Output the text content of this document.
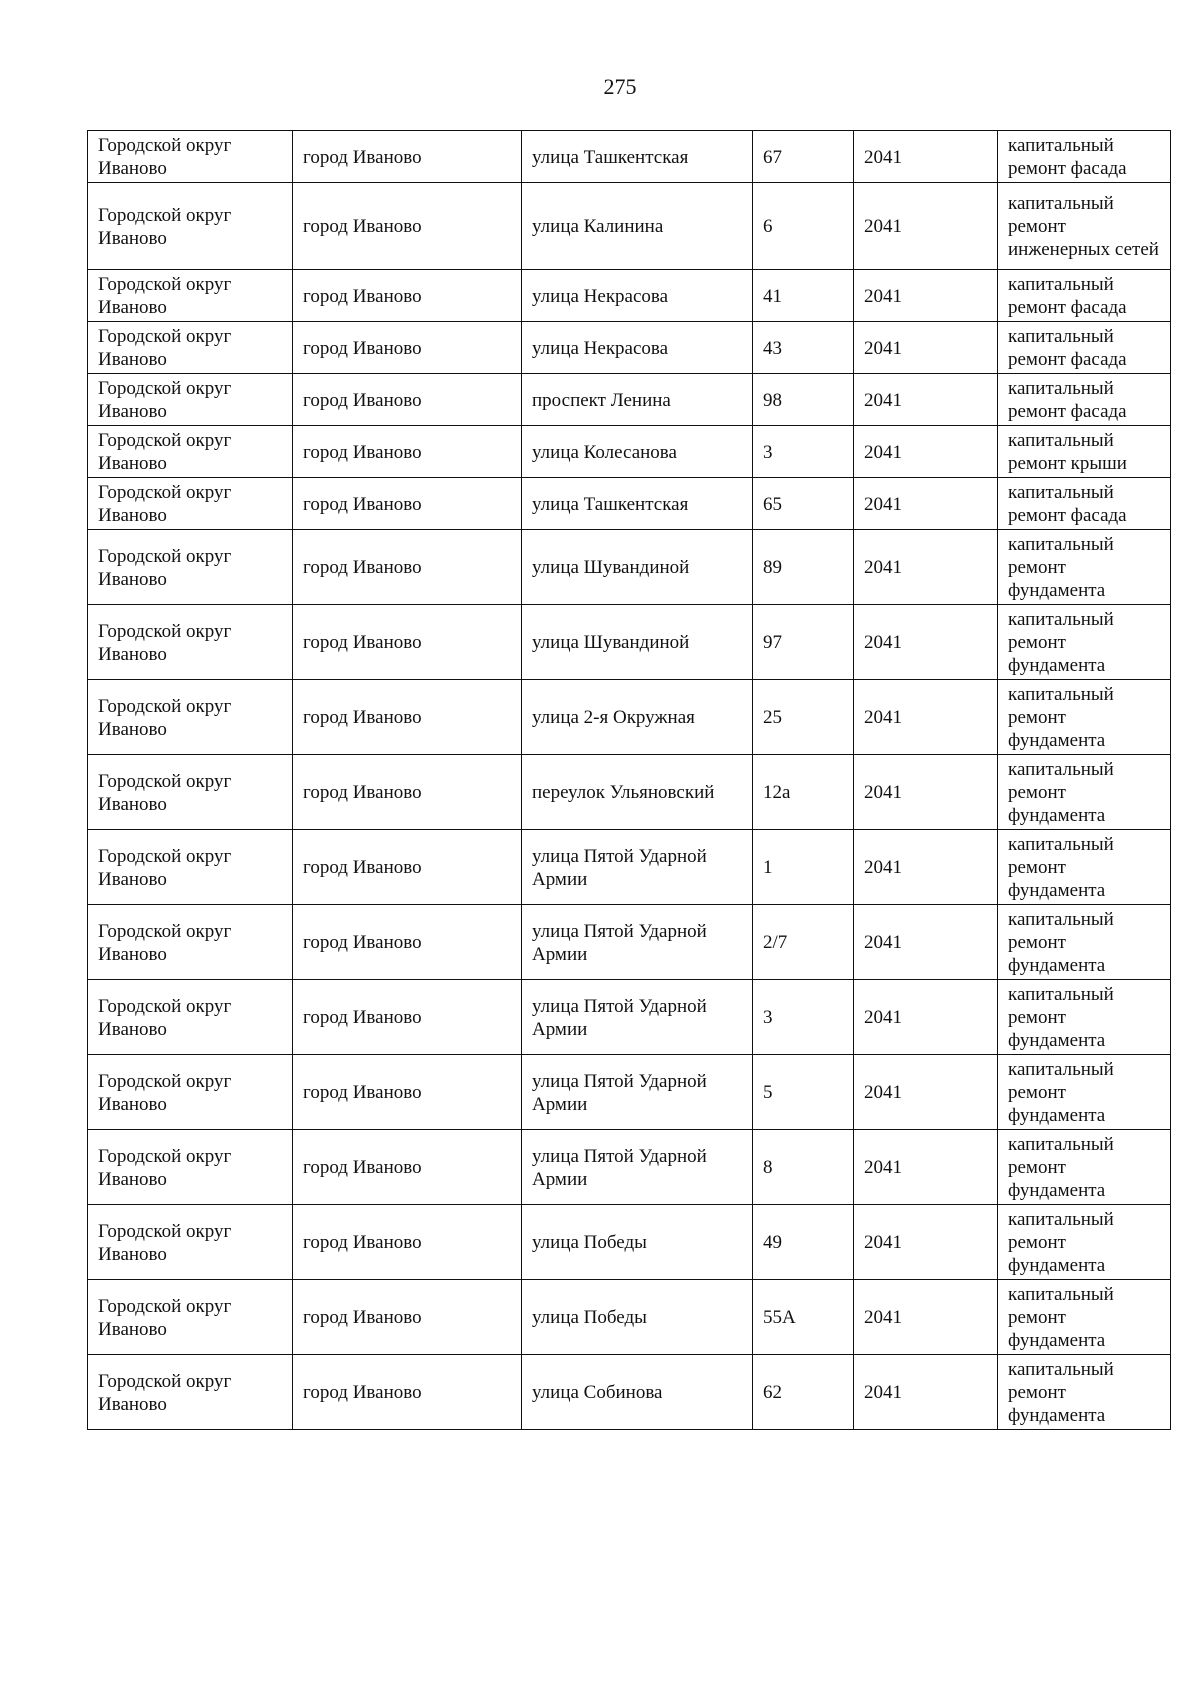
275
Городской округ Иваново	город Иваново	улица Ташкентская	67	2041	капитальный ремонт фасада
Городской округ Иваново	город Иваново	улица Калинина	6	2041	капитальный ремонт инженерных сетей
Городской округ Иваново	город Иваново	улица Некрасова	41	2041	капитальный ремонт фасада
Городской округ Иваново	город Иваново	улица Некрасова	43	2041	капитальный ремонт фасада
Городской округ Иваново	город Иваново	проспект Ленина	98	2041	капитальный ремонт фасада
Городской округ Иваново	город Иваново	улица Колесанова	3	2041	капитальный ремонт крыши
Городской округ Иваново	город Иваново	улица Ташкентская	65	2041	капитальный ремонт фасада
Городской округ Иваново	город Иваново	улица Шувандиной	89	2041	капитальный ремонт фундамента
Городской округ Иваново	город Иваново	улица Шувандиной	97	2041	капитальный ремонт фундамента
Городской округ Иваново	город Иваново	улица 2-я Окружная	25	2041	капитальный ремонт фундамента
Городской округ Иваново	город Иваново	переулок Ульяновский	12а	2041	капитальный ремонт фундамента
Городской округ Иваново	город Иваново	улица Пятой Ударной Армии	1	2041	капитальный ремонт фундамента
Городской округ Иваново	город Иваново	улица Пятой Ударной Армии	2/7	2041	капитальный ремонт фундамента
Городской округ Иваново	город Иваново	улица Пятой Ударной Армии	3	2041	капитальный ремонт фундамента
Городской округ Иваново	город Иваново	улица Пятой Ударной Армии	5	2041	капитальный ремонт фундамента
Городской округ Иваново	город Иваново	улица Пятой Ударной Армии	8	2041	капитальный ремонт фундамента
Городской округ Иваново	город Иваново	улица Победы	49	2041	капитальный ремонт фундамента
Городской округ Иваново	город Иваново	улица Победы	55А	2041	капитальный ремонт фундамента
Городской округ Иваново	город Иваново	улица Собинова	62	2041	капитальный ремонт фундамента
